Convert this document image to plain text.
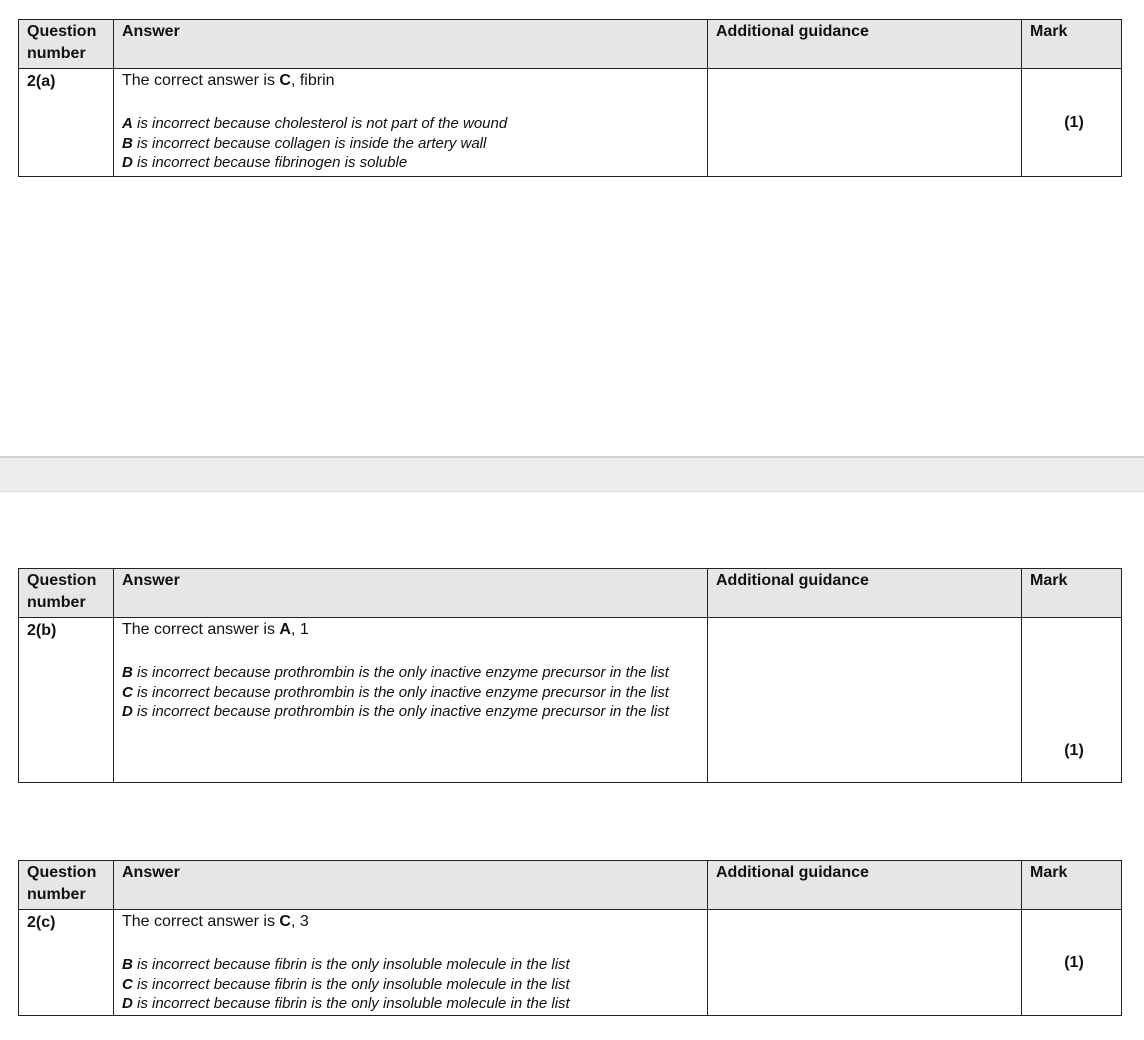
Question number	Answer	Additional guidance	Mark
2(a)	The correct answer is C, fibrin
A is incorrect because cholesterol is not part of the wound
B is incorrect because collagen is inside the artery wall
D is incorrect because fibrinogen is soluble		(1)
Question number	Answer	Additional guidance	Mark
2(b)	The correct answer is A, 1
B is incorrect because prothrombin is the only inactive enzyme precursor in the list
C is incorrect because prothrombin is the only inactive enzyme precursor in the list
D is incorrect because prothrombin is the only inactive enzyme precursor in the list		(1)
Question number	Answer	Additional guidance	Mark
2(c)	The correct answer is C, 3
B is incorrect because fibrin is the only insoluble molecule in the list
C is incorrect because fibrin is the only insoluble molecule in the list
D is incorrect because fibrin is the only insoluble molecule in the list		(1)
